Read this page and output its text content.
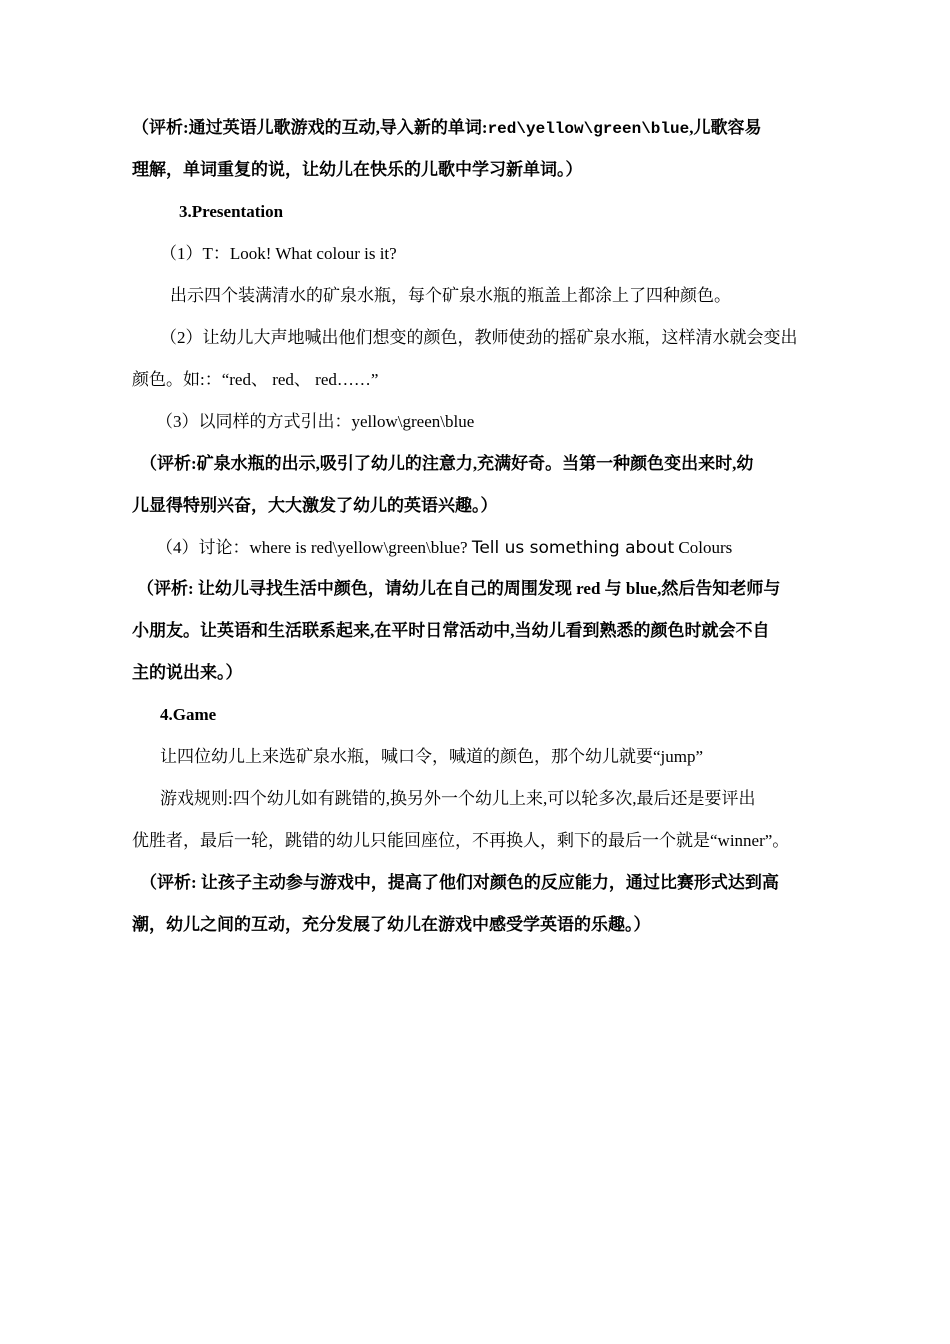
（评析:通过英语儿歌游戏的互动,导入新的单词:red\yellow\green\blue,儿歌容易
理解，单词重复的说，让幼儿在快乐的儿歌中学习新单词。）
3.Presentation
（1）T：Look! What colour is it?
出示四个装满清水的矿泉水瓶，每个矿泉水瓶的瓶盖上都涂上了四种颜色。
（2）让幼儿大声地喊出他们想变的颜色，教师使劲的摇矿泉水瓶，这样清水就会变出
颜色。如:：“red、 red、 red……”
（3）以同样的方式引出：yellow\green\blue
（评析:矿泉水瓶的出示,吸引了幼儿的注意力,充满好奇。当第一种颜色变出来时,幼
儿显得特别兴奋，大大激发了幼儿的英语兴趣。）
（4）讨论：where is red\yellow\green\blue? Tell us something about Colours
（评析: 让幼儿寻找生活中颜色，请幼儿在自己的周围发现 red 与 blue,然后告知老师与
小朋友。让英语和生活联系起来,在平时日常活动中,当幼儿看到熟悉的颜色时就会不自
主的说出来。）
4.Game
让四位幼儿上来选矿泉水瓶，喊口令，喊道的颜色，那个幼儿就要“jump”
游戏规则:四个幼儿如有跳错的,换另外一个幼儿上来,可以轮多次,最后还是要评出
优胜者，最后一轮，跳错的幼儿只能回座位，不再换人，剩下的最后一个就是“winner”。
（评析: 让孩子主动参与游戏中，提高了他们对颜色的反应能力，通过比赛形式达到高
潮，幼儿之间的互动，充分发展了幼儿在游戏中感受学英语的乐趣。）
